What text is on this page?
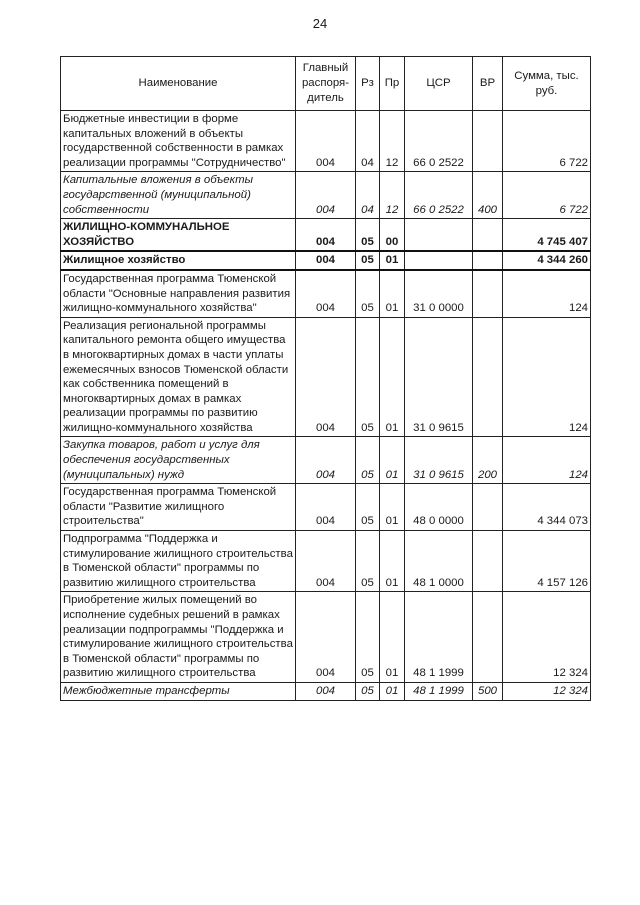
24
Наименование	Главный распоря-дитель	Рз	Пр	ЦСР	ВР	Сумма, тыс. руб.
Бюджетные инвестиции в форме капитальных вложений в объекты государственной собственности в рамках реализации программы "Сотрудничество"	004	04	12	66 0 2522		6 722
Капитальные вложения в объекты государственной (муниципальной) собственности	004	04	12	66 0 2522	400	6 722
ЖИЛИЩНО-КОММУНАЛЬНОЕ ХОЗЯЙСТВО	004	05	00			4 745 407
Жилищное хозяйство	004	05	01			4 344 260
Государственная программа Тюменской области "Основные направления развития жилищно-коммунального хозяйства"	004	05	01	31 0 0000		124
Реализация региональной программы капитального ремонта общего имущества в многоквартирных домах в части уплаты ежемесячных взносов Тюменской области как собственника помещений в многоквартирных домах в рамках реализации программы по развитию жилищно-коммунального хозяйства	004	05	01	31 0 9615		124
Закупка товаров, работ и услуг для обеспечения государственных (муниципальных) нужд	004	05	01	31 0 9615	200	124
Государственная программа Тюменской области "Развитие жилищного строительства"	004	05	01	48 0 0000		4 344 073
Подпрограмма "Поддержка и стимулирование жилищного строительства в Тюменской области" программы по развитию жилищного строительства	004	05	01	48 1 0000		4 157 126
Приобретение жилых помещений во исполнение судебных решений в рамках реализации подпрограммы "Поддержка и стимулирование жилищного строительства в Тюменской области" программы по развитию жилищного строительства	004	05	01	48 1 1999		12 324
Межбюджетные трансферты	004	05	01	48 1 1999	500	12 324
